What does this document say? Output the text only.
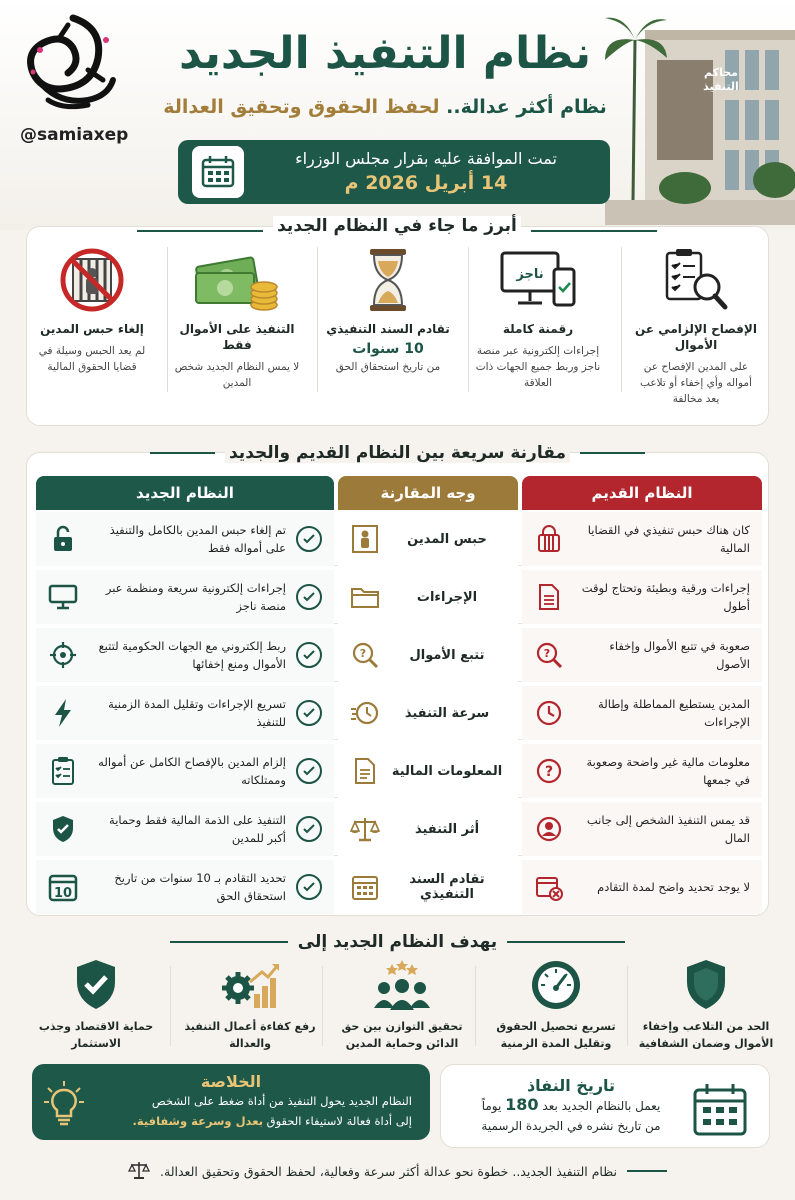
محاكم التنفيذ
@samiaxep
نظام التنفيذ الجديد
نظام أكثر عدالة.. لحفظ الحقوق وتحقيق العدالة
تمت الموافقة عليه بقرار مجلس الوزراء
14 أبريل 2026 م
أبرز ما جاء في النظام الجديد
الإفصاح الإلزامي عن الأموال
على المدين الإفصاح عن أمواله وأي إخفاء أو تلاعب يعد مخالفة
ناجز
رقمنة كاملة
إجراءات إلكترونية عبر منصة ناجز وربط جميع الجهات ذات العلاقة
تقادم السند التنفيذي
10 سنوات
من تاريخ استحقاق الحق
التنفيذ على الأموال فقط
لا يمس النظام الجديد شخص المدين
إلغاء حبس المدين
لم يعد الحبس وسيلة في قضايا الحقوق المالية
مقارنة سريعة بين النظام القديم والجديد
النظام القديم
وجه المقارنة
النظام الجديد
كان هناك حبس تنفيذي في القضايا المالية
حبس المدين
تم إلغاء حبس المدين بالكامل والتنفيذ على أمواله فقط
إجراءات ورقية وبطيئة وتحتاج لوقت أطول
الإجراءات
إجراءات إلكترونية سريعة ومنظمة عبر منصة ناجز
صعوبة في تتبع الأموال وإخفاء الأصول
?
تتبع الأموال
?
ربط إلكتروني مع الجهات الحكومية لتتبع الأموال ومنع إخفائها
المدين يستطيع المماطلة وإطالة الإجراءات
سرعة التنفيذ
تسريع الإجراءات وتقليل المدة الزمنية للتنفيذ
معلومات مالية غير واضحة وصعوبة في جمعها
?
المعلومات المالية
إلزام المدين بالإفصاح الكامل عن أمواله وممتلكاته
قد يمس التنفيذ الشخص إلى جانب المال
أثر التنفيذ
التنفيذ على الذمة المالية فقط وحماية أكبر للمدين
لا يوجد تحديد واضح لمدة التقادم
تقادم السند التنفيذي
تحديد التقادم بـ 10 سنوات من تاريخ استحقاق الحق
10
يهدف النظام الجديد إلى
الحد من التلاعب وإخفاء الأموال وضمان الشفافية
تسريع تحصيل الحقوق وتقليل المدة الزمنية
تحقيق التوازن بين حق الدائن وحماية المدين
رفع كفاءة أعمال التنفيذ والعدالة
حماية الاقتصاد وجذب الاستثمار
الخلاصة
النظام الجديد يحول التنفيذ من أداة ضغط على الشخص
إلى أداة فعالة لاستيفاء الحقوق بعدل وسرعة وشفافية.
تاريخ النفاذ
يعمل بالنظام الجديد بعد 180 يوماً
من تاريخ نشره في الجريدة الرسمية
نظام التنفيذ الجديد.. خطوة نحو عدالة أكثر سرعة وفعالية، لحفظ الحقوق وتحقيق العدالة.
